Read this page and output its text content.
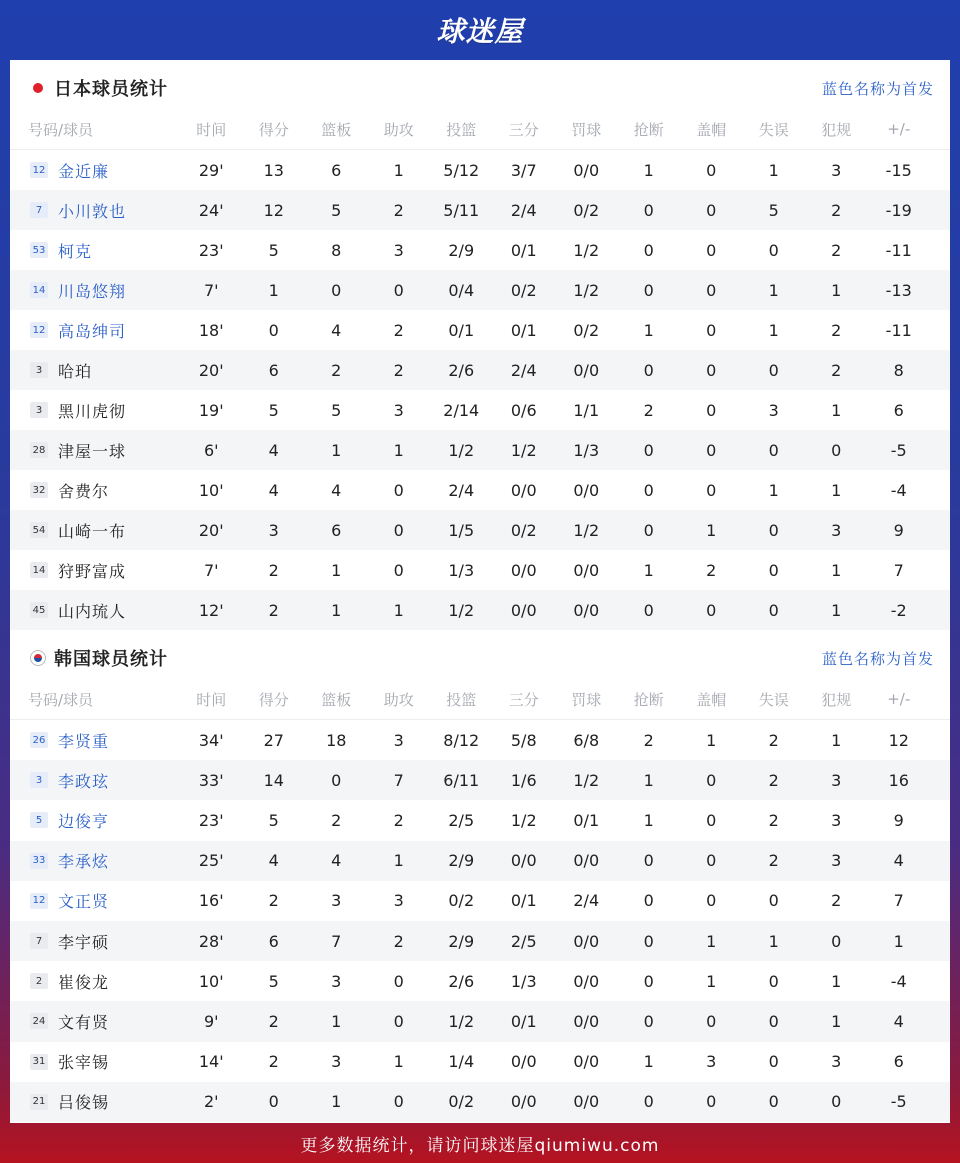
球迷屋
日本球员统计	蓝色名称为首发
号码/球员	时间	得分	篮板	助攻	投篮	三分	罚球	抢断	盖帽	失误	犯规	+/-
12 金近廉	29'	13	6	1	5/12	3/7	0/0	1	0	1	3	-15
7 小川敦也	24'	12	5	2	5/11	2/4	0/2	0	0	5	2	-19
53 柯克	23'	5	8	3	2/9	0/1	1/2	0	0	0	2	-11
14 川岛悠翔	7'	1	0	0	0/4	0/2	1/2	0	0	1	1	-13
12 高岛绅司	18'	0	4	2	0/1	0/1	0/2	1	0	1	2	-11
3 哈珀	20'	6	2	2	2/6	2/4	0/0	0	0	0	2	8
3 黑川虎彻	19'	5	5	3	2/14	0/6	1/1	2	0	3	1	6
28 津屋一球	6'	4	1	1	1/2	1/2	1/3	0	0	0	0	-5
32 舍费尔	10'	4	4	0	2/4	0/0	0/0	0	0	1	1	-4
54 山崎一布	20'	3	6	0	1/5	0/2	1/2	0	1	0	3	9
14 狩野富成	7'	2	1	0	1/3	0/0	0/0	1	2	0	1	7
45 山内琉人	12'	2	1	1	1/2	0/0	0/0	0	0	0	1	-2
韩国球员统计	蓝色名称为首发
号码/球员	时间	得分	篮板	助攻	投篮	三分	罚球	抢断	盖帽	失误	犯规	+/-
26 李贤重	34'	27	18	3	8/12	5/8	6/8	2	1	2	1	12
3 李政玹	33'	14	0	7	6/11	1/6	1/2	1	0	2	3	16
5 边俊亨	23'	5	2	2	2/5	1/2	0/1	1	0	2	3	9
33 李承炫	25'	4	4	1	2/9	0/0	0/0	0	0	2	3	4
12 文正贤	16'	2	3	3	0/2	0/1	2/4	0	0	0	2	7
7 李宇硕	28'	6	7	2	2/9	2/5	0/0	0	1	1	0	1
2 崔俊龙	10'	5	3	0	2/6	1/3	0/0	0	1	0	1	-4
24 文有贤	9'	2	1	0	1/2	0/1	0/0	0	0	0	1	4
31 张宰锡	14'	2	3	1	1/4	0/0	0/0	1	3	0	3	6
21 吕俊锡	2'	0	1	0	0/2	0/0	0/0	0	0	0	0	-5
更多数据统计，请访问球迷屋qiumiwu.com
